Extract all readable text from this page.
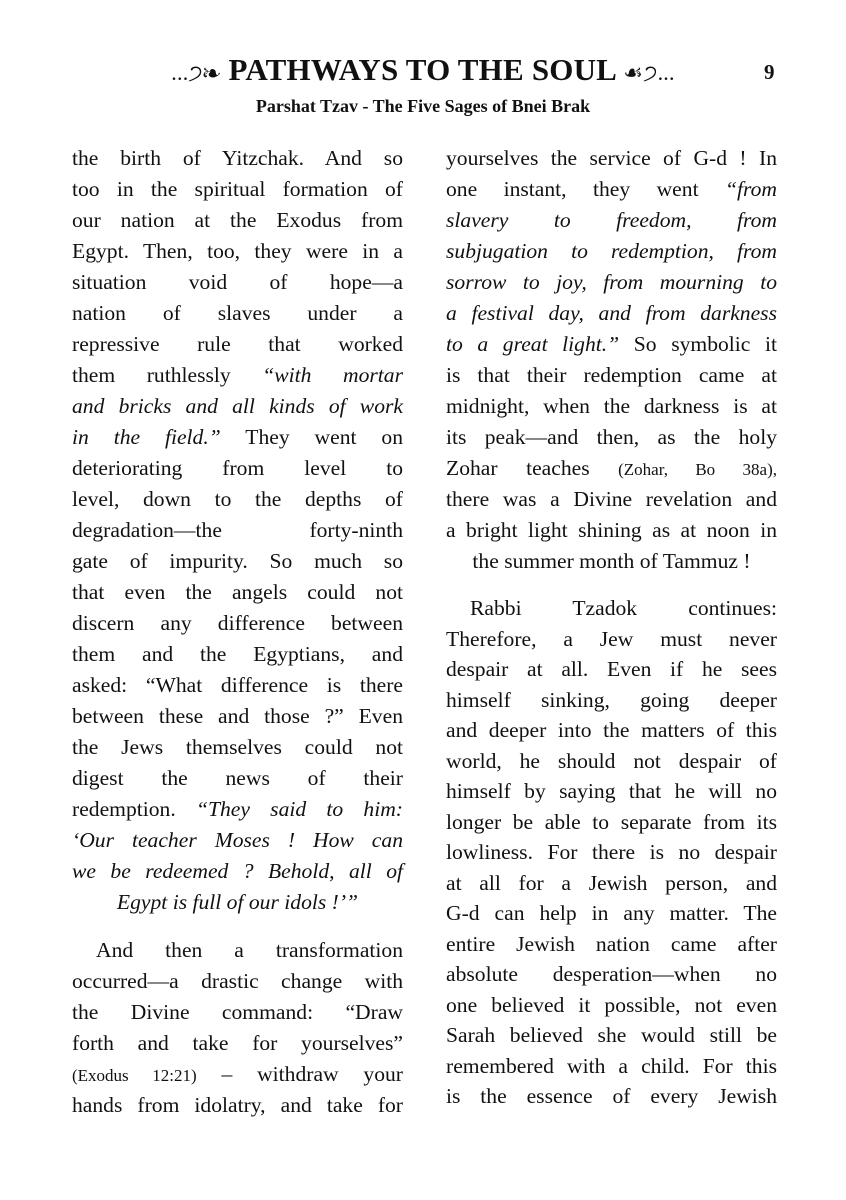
...੭❧ PATHWAYS TO THE SOUL ☙੭...	9
Parshat Tzav - The Five Sages of Bnei Brak
the birth of Yitzchak. And so
too in the spiritual formation of
our nation at the Exodus from
Egypt. Then, too, they were in a
situation void of hope—a
nation of slaves under a
repressive rule that worked
them ruthlessly “with mortar
and bricks and all kinds of work
in the field.” They went on
deteriorating from level to
level, down to the depths of
degradation—the forty-ninth
gate of impurity. So much so
that even the angels could not
discern any difference between
them and the Egyptians, and
asked: “What difference is there
between these and those ?” Even
the Jews themselves could not
digest the news of their
redemption. “They said to him:
‘Our teacher Moses ! How can
we be redeemed ? Behold, all of
Egypt is full of our idols !’”
And then a transformation
occurred—a drastic change with
the Divine command: “Draw
forth and take for yourselves”
(Exodus 12:21) – withdraw your
hands from idolatry, and take for
yourselves the service of G-d ! In
one instant, they went “from
slavery to freedom, from
subjugation to redemption, from
sorrow to joy, from mourning to
a festival day, and from darkness
to a great light.” So symbolic it
is that their redemption came at
midnight, when the darkness is at
its peak—and then, as the holy
Zohar teaches (Zohar, Bo 38a),
there was a Divine revelation and
a bright light shining as at noon in
the summer month of Tammuz !
Rabbi Tzadok continues:
Therefore, a Jew must never
despair at all. Even if he sees
himself sinking, going deeper
and deeper into the matters of this
world, he should not despair of
himself by saying that he will no
longer be able to separate from its
lowliness. For there is no despair
at all for a Jewish person, and
G-d can help in any matter. The
entire Jewish nation came after
absolute desperation—when no
one believed it possible, not even
Sarah believed she would still be
remembered with a child. For this
is the essence of every Jewish
